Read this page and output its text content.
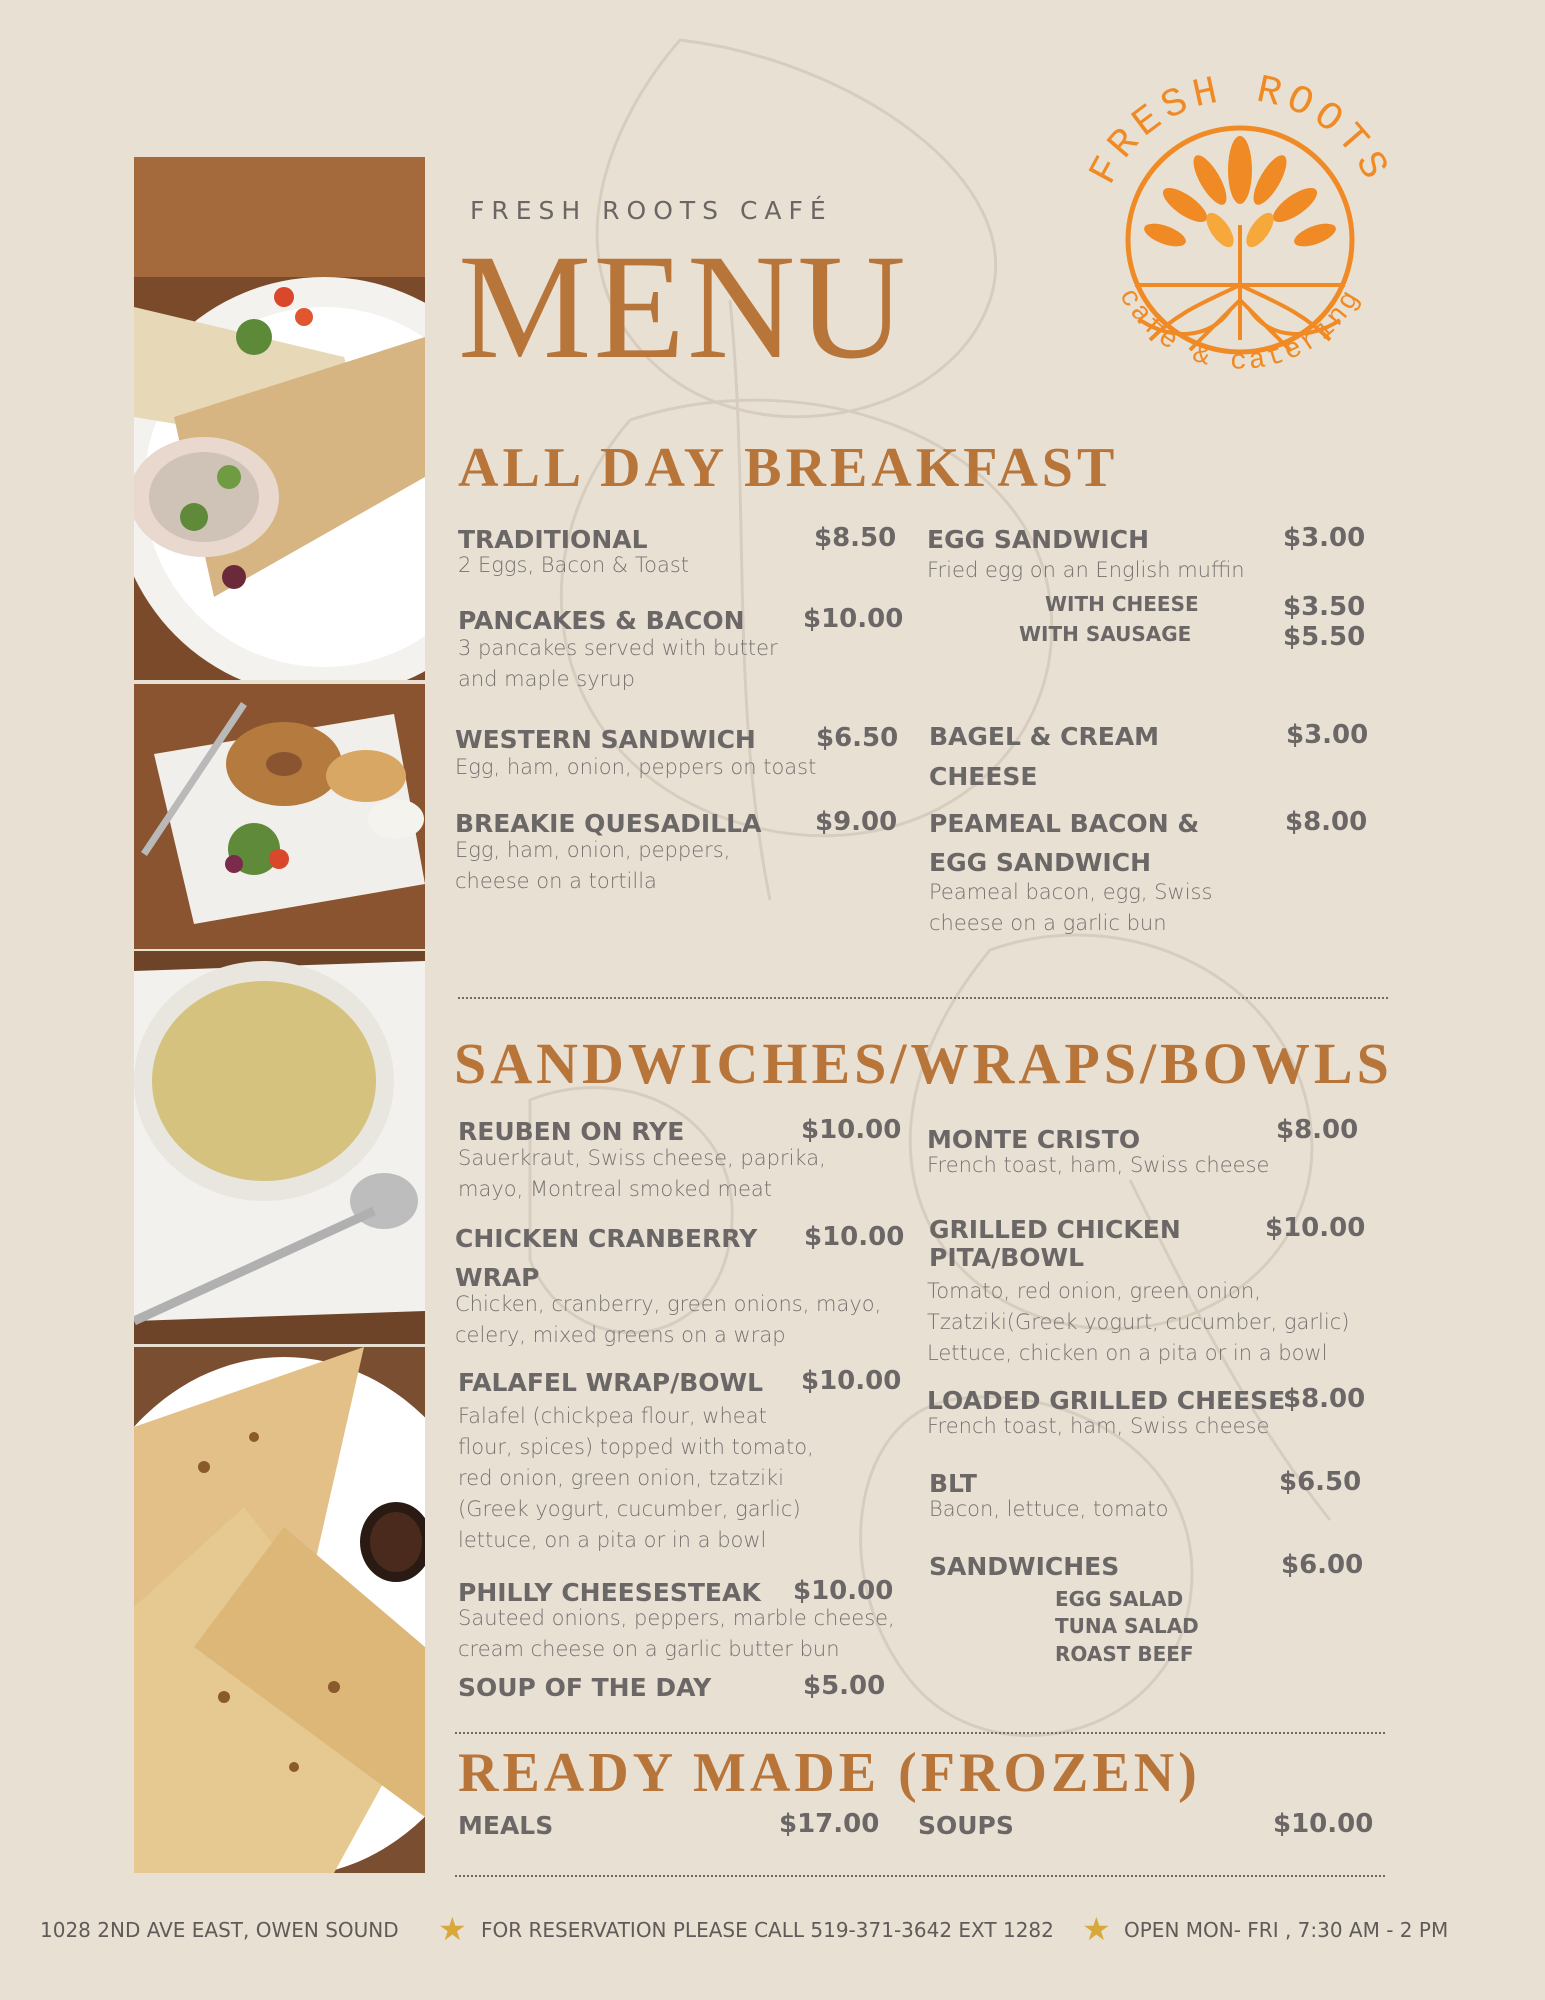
FRESH ROOTS CAFÉ
MENU
FRESH ROOTS
café & catering
ALL DAY BREAKFAST
TRADITIONAL	$8.50
2 Eggs, Bacon & Toast
PANCAKES & BACON $10.00
3 pancakes served with butter
and maple syrup
WESTERN SANDWICH $6.50
Egg, ham, onion, peppers on toast
BREAKIE QUESADILLA $9.00
Egg, ham, onion, peppers,
cheese on a tortilla
EGG SANDWICH	$3.00
Fried egg on an English muffin
WITH CHEESE	$3.50
WITH SAUSAGE	$5.50
BAGEL & CREAM
CHEESE
$3.00
PEAMEAL BACON &
EGG SANDWICH
$8.00
Peameal bacon, egg, Swiss
cheese on a garlic bun
SANDWICHES/WRAPS/BOWLS
REUBEN ON RYE	$10.00
Sauerkraut, Swiss cheese, paprika,
mayo, Montreal smoked meat
CHICKEN CRANBERRY
WRAP
$10.00
Chicken, cranberry, green onions, mayo,
celery, mixed greens on a wrap
FALAFEL WRAP/BOWL $10.00
Falafel (chickpea flour, wheat
flour, spices) topped with tomato,
red onion, green onion, tzatziki
(Greek yogurt, cucumber, garlic)
lettuce, on a pita or in a bowl
PHILLY CHEESESTEAK $10.00
Sauteed onions, peppers, marble cheese,
cream cheese on a garlic butter bun
SOUP OF THE DAY	$5.00
MONTE CRISTO	$8.00
French toast, ham, Swiss cheese
GRILLED CHICKEN
PITA/BOWL
$10.00
Tomato, red onion, green onion,
Tzatziki(Greek yogurt, cucumber, garlic)
Lettuce, chicken on a pita or in a bowl
LOADED GRILLED CHEESE
$8.00
French toast, ham, Swiss cheese
BLT	$6.50
Bacon, lettuce, tomato
SANDWICHES	$6.00
EGG SALAD
TUNA SALAD
ROAST BEEF
READY MADE (FROZEN)
MEALS	$17.00 SOUPS	$10.00
1028 2ND AVE EAST, OWEN SOUND ★ FOR RESERVATION PLEASE CALL 519-371-3642 EXT 1282 ★ OPEN MON- FRI , 7:30 AM - 2 PM
